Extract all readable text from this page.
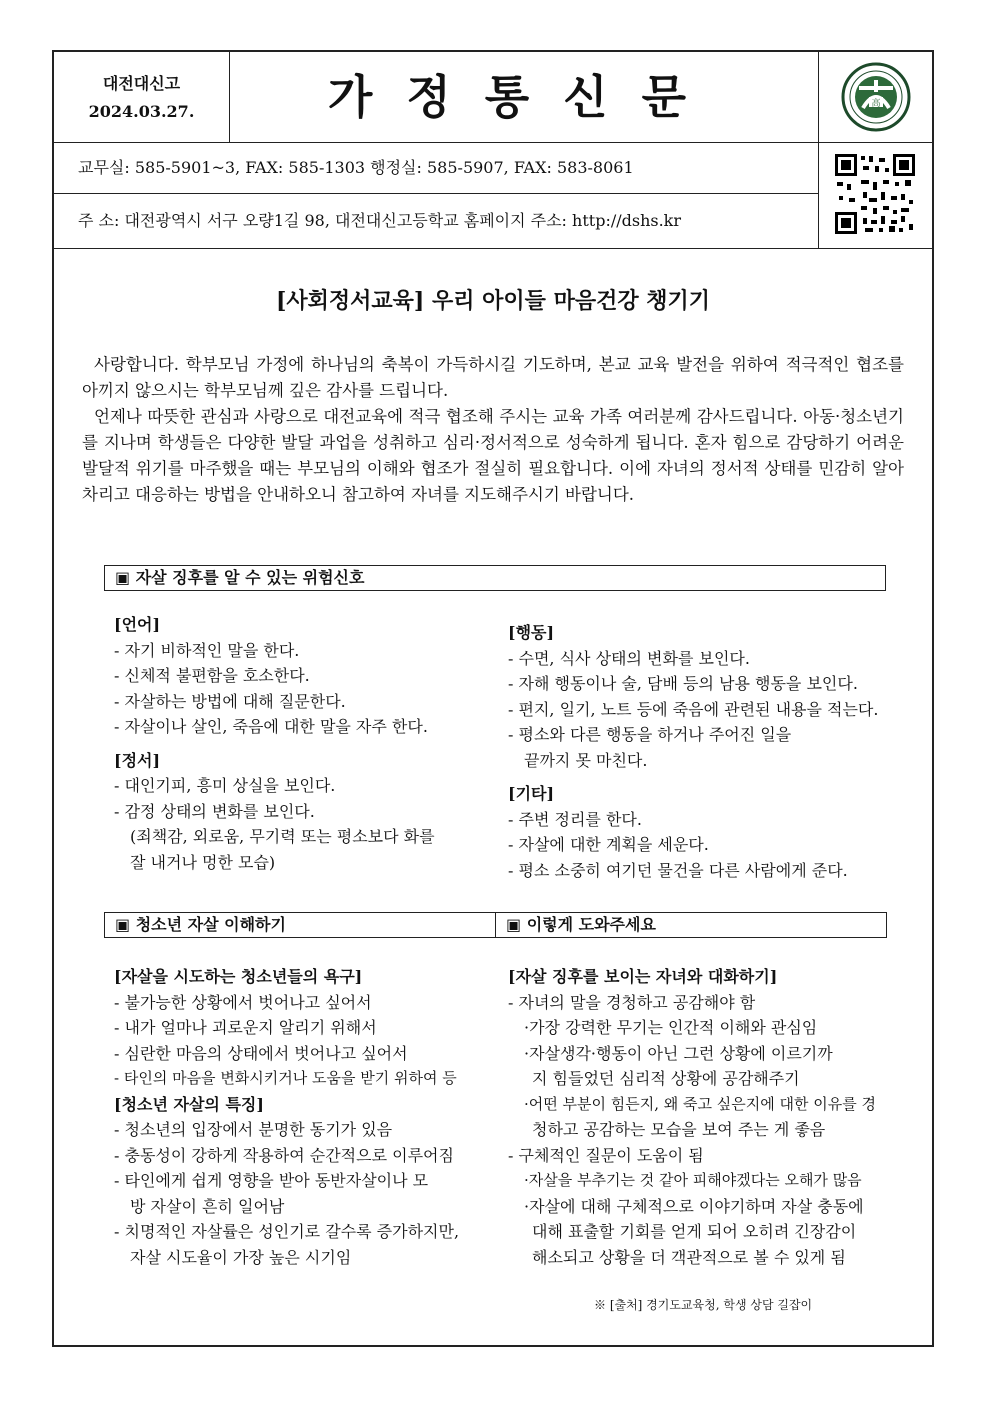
대전대신고
2024.03.27.	가정통신문	高
교무실: 585-5901~3, FAX: 585-1303 행정실: 585-5907, FAX: 583-8061
주 소: 대전광역시 서구 오량1길 98, 대전대신고등학교 홈페이지 주소: http://dshs.kr
[사회정서교육] 우리 아이들 마음건강 챙기기

사랑합니다. 학부모님 가정에 하나님의 축복이 가득하시길 기도하며, 본교 교육 발전을 위하여 적극적인 협조를 아끼지 않으시는 학부모님께 깊은 감사를 드립니다.

언제나 따뜻한 관심과 사랑으로 대전교육에 적극 협조해 주시는 교육 가족 여러분께 감사드립니다. 아동·청소년기를 지나며 학생들은 다양한 발달 과업을 성취하고 심리·정서적으로 성숙하게 됩니다. 혼자 힘으로 감당하기 어려운 발달적 위기를 마주했을 때는 부모님의 이해와 협조가 절실히 필요합니다. 이에 자녀의 정서적 상태를 민감히 알아차리고 대응하는 방법을 안내하오니 참고하여 자녀를 지도해주시기 바랍니다.

▣ 자살 징후를 알 수 있는 위험신호
[언어]
- 자기 비하적인 말을 한다.
- 신체적 불편함을 호소한다.
- 자살하는 방법에 대해 질문한다.
- 자살이나 살인, 죽음에 대한 말을 자주 한다.
[정서]
- 대인기피, 흥미 상실을 보인다.
- 감정 상태의 변화를 보인다.
(죄책감, 외로움, 무기력 또는 평소보다 화를
잘 내거나 멍한 모습)
[행동]
- 수면, 식사 상태의 변화를 보인다.
- 자해 행동이나 술, 담배 등의 남용 행동을 보인다.
- 편지, 일기, 노트 등에 죽음에 관련된 내용을 적는다.
- 평소와 다른 행동을 하거나 주어진 일을
끝까지 못 마친다.
[기타]
- 주변 정리를 한다.
- 자살에 대한 계획을 세운다.
- 평소 소중히 여기던 물건을 다른 사람에게 준다.
▣ 청소년 자살 이해하기	▣ 이렇게 도와주세요
[자살을 시도하는 청소년들의 욕구]
- 불가능한 상황에서 벗어나고 싶어서
- 내가 얼마나 괴로운지 알리기 위해서
- 심란한 마음의 상태에서 벗어나고 싶어서
- 타인의 마음을 변화시키거나 도움을 받기 위하여 등
[청소년 자살의 특징]
- 청소년의 입장에서 분명한 동기가 있음
- 충동성이 강하게 작용하여 순간적으로 이루어짐
- 타인에게 쉽게 영향을 받아 동반자살이나 모
방 자살이 흔히 일어남
- 치명적인 자살률은 성인기로 갈수록 증가하지만,
자살 시도율이 가장 높은 시기임
[자살 징후를 보이는 자녀와 대화하기]
- 자녀의 말을 경청하고 공감해야 함
·가장 강력한 무기는 인간적 이해와 관심임
·자살생각·행동이 아닌 그런 상황에 이르기까
지 힘들었던 심리적 상황에 공감해주기
·어떤 부분이 힘든지, 왜 죽고 싶은지에 대한 이유를 경
청하고 공감하는 모습을 보여 주는 게 좋음
- 구체적인 질문이 도움이 됨
·자살을 부추기는 것 같아 피해야겠다는 오해가 많음
·자살에 대해 구체적으로 이야기하며 자살 충동에
대해 표출할 기회를 얻게 되어 오히려 긴장감이
해소되고 상황을 더 객관적으로 볼 수 있게 됨
※ [출처] 경기도교육청, 학생 상담 길잡이
